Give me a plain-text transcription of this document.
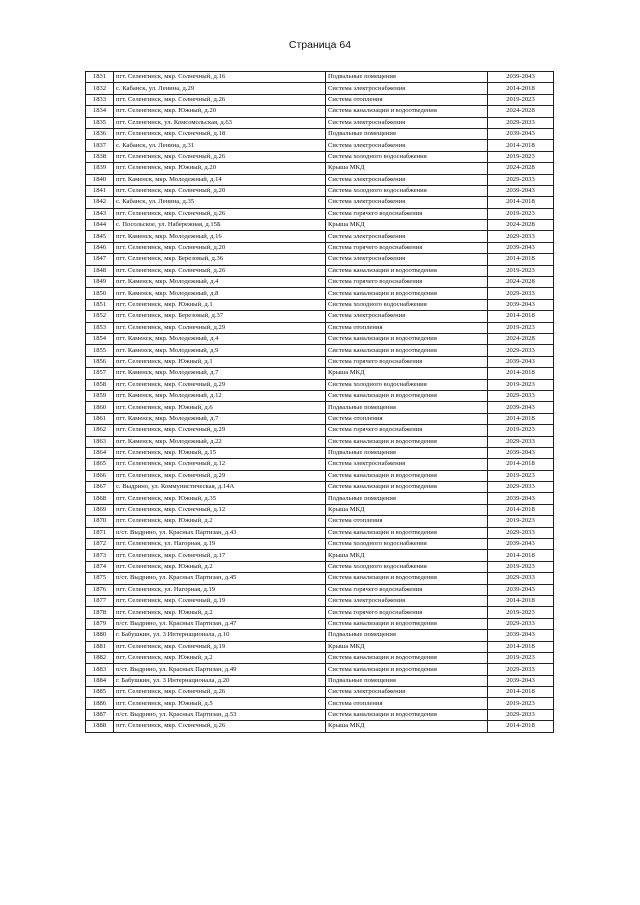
Страница 64
1831	пгт. Селенгинск, мкр. Солнечный, д.16	Подвальные помещения	2039-2043
1832	с. Кабанск, ул. Ленина, д.29	Система электроснабжения	2014-2018
1833	пгт. Селенгинск, мкр. Солнечный, д.26	Система отопления	2019-2023
1834	пгт. Селенгинск, мкр. Южный, д.20	Система канализации и водоотведения	2024-2028
1835	пгт. Селенгинск, ул. Комсомольская, д.63	Система электроснабжения	2029-2033
1836	пгт. Селенгинск, мкр. Солнечный, д.18	Подвальные помещения	2039-2043
1837	с. Кабанск, ул. Ленина, д.31	Система электроснабжения	2014-2018
1838	пгт. Селенгинск, мкр. Солнечный, д.26	Система холодного водоснабжения	2019-2023
1839	пгт. Селенгинск, мкр. Южный, д.20	Крыша МКД	2024-2028
1840	пгт. Каменск, мкр. Молодежный, д.14	Система электроснабжения	2029-2033
1841	пгт. Селенгинск, мкр. Солнечный, д.20	Система холодного водоснабжения	2039-2043
1842	с. Кабанск, ул. Ленина, д.35	Система электроснабжения	2014-2018
1843	пгт. Селенгинск, мкр. Солнечный, д.26	Система горячего водоснабжения	2019-2023
1844	с. Посольское, ул. Набережная, д.15Б	Крыша МКД	2024-2028
1845	пгт. Каменск, мкр. Молодежный, д.16	Система электроснабжения	2029-2033
1846	пгт. Селенгинск, мкр. Солнечный, д.20	Система горячего водоснабжения	2039-2043
1847	пгт. Селенгинск, мкр. Березовый, д.36	Система электроснабжения	2014-2018
1848	пгт. Селенгинск, мкр. Солнечный, д.26	Система канализации и водоотведения	2019-2023
1849	пгт. Каменск, мкр. Молодежный, д.4	Система горячего водоснабжения	2024-2028
1850	пгт. Каменск, мкр. Молодежный, д.8	Система канализации и водоотведения	2029-2033
1851	пгт. Селенгинск, мкр. Южный, д.1	Система холодного водоснабжения	2039-2043
1852	пгт. Селенгинск, мкр. Березовый, д.37	Система электроснабжения	2014-2018
1853	пгт. Селенгинск, мкр. Солнечный, д.29	Система отопления	2019-2023
1854	пгт. Каменск, мкр. Молодежный, д.4	Система канализации и водоотведения	2024-2028
1855	пгт. Каменск, мкр. Молодежный, д.9	Система канализации и водоотведения	2029-2033
1856	пгт. Селенгинск, мкр. Южный, д.1	Система горячего водоснабжения	2039-2043
1857	пгт. Каменск, мкр. Молодежный, д.7	Крыша МКД	2014-2018
1858	пгт. Селенгинск, мкр. Солнечный, д.29	Система холодного водоснабжения	2019-2023
1859	пгт. Каменск, мкр. Молодежный, д.12	Система канализации и водоотведения	2029-2033
1860	пгт. Селенгинск, мкр. Южный, д.6	Подвальные помещения	2039-2043
1861	пгт. Каменск, мкр. Молодежный, д.7	Система отопления	2014-2018
1862	пгт. Селенгинск, мкр. Солнечный, д.29	Система горячего водоснабжения	2019-2023
1863	пгт. Каменск, мкр. Молодежный, д.22	Система канализации и водоотведения	2029-2033
1864	пгт. Селенгинск, мкр. Южный, д.15	Подвальные помещения	2039-2043
1865	пгт. Селенгинск, мкр. Солнечный, д.12	Система электроснабжения	2014-2018
1866	пгт. Селенгинск, мкр. Солнечный, д.29	Система канализации и водоотведения	2019-2023
1867	с. Выдрино, ул. Коммунистическая, д.14А	Система канализации и водоотведения	2029-2033
1868	пгт. Селенгинск, мкр. Южный, д.35	Подвальные помещения	2039-2043
1869	пгт. Селенгинск, мкр. Солнечный, д.12	Крыша МКД	2014-2018
1870	пгт. Селенгинск, мкр. Южный, д.2	Система отопления	2019-2023
1871	п/ст. Выдрино, ул. Красных Партизан, д.43	Система канализации и водоотведения	2029-2033
1872	пгт. Селенгинск, ул. Нагорная, д.19	Система холодного водоснабжения	2039-2043
1873	пгт. Селенгинск, мкр. Солнечный, д.17	Крыша МКД	2014-2018
1874	пгт. Селенгинск, мкр. Южный, д.2	Система холодного водоснабжения	2019-2023
1875	п/ст. Выдрино, ул. Красных Партизан, д.45	Система канализации и водоотведения	2029-2033
1876	пгт. Селенгинск, ул. Нагорная, д.19	Система горячего водоснабжения	2039-2043
1877	пгт. Селенгинск, мкр. Солнечный, д.19	Система электроснабжения	2014-2018
1878	пгт. Селенгинск, мкр. Южный, д.2	Система горячего водоснабжения	2019-2023
1879	п/ст. Выдрино, ул. Красных Партизан, д.47	Система канализации и водоотведения	2029-2033
1880	г. Бабушкин, ул. 3 Интернационала, д.10	Подвальные помещения	2039-2043
1881	пгт. Селенгинск, мкр. Солнечный, д.19	Крыша МКД	2014-2018
1882	пгт. Селенгинск, мкр. Южный, д.2	Система канализации и водоотведения	2019-2023
1883	п/ст. Выдрино, ул. Красных Партизан, д.49	Система канализации и водоотведения	2029-2033
1884	г. Бабушкин, ул. 3 Интернационала, д.20	Подвальные помещения	2039-2043
1885	пгт. Селенгинск, мкр. Солнечный, д.26	Система электроснабжения	2014-2018
1886	пгт. Селенгинск, мкр. Южный, д.5	Система отопления	2019-2023
1887	п/ст. Выдрино, ул. Красных Партизан, д.53	Система канализации и водоотведения	2029-2033
1888	пгт. Селенгинск, мкр. Солнечный, д.26	Крыша МКД	2014-2018
